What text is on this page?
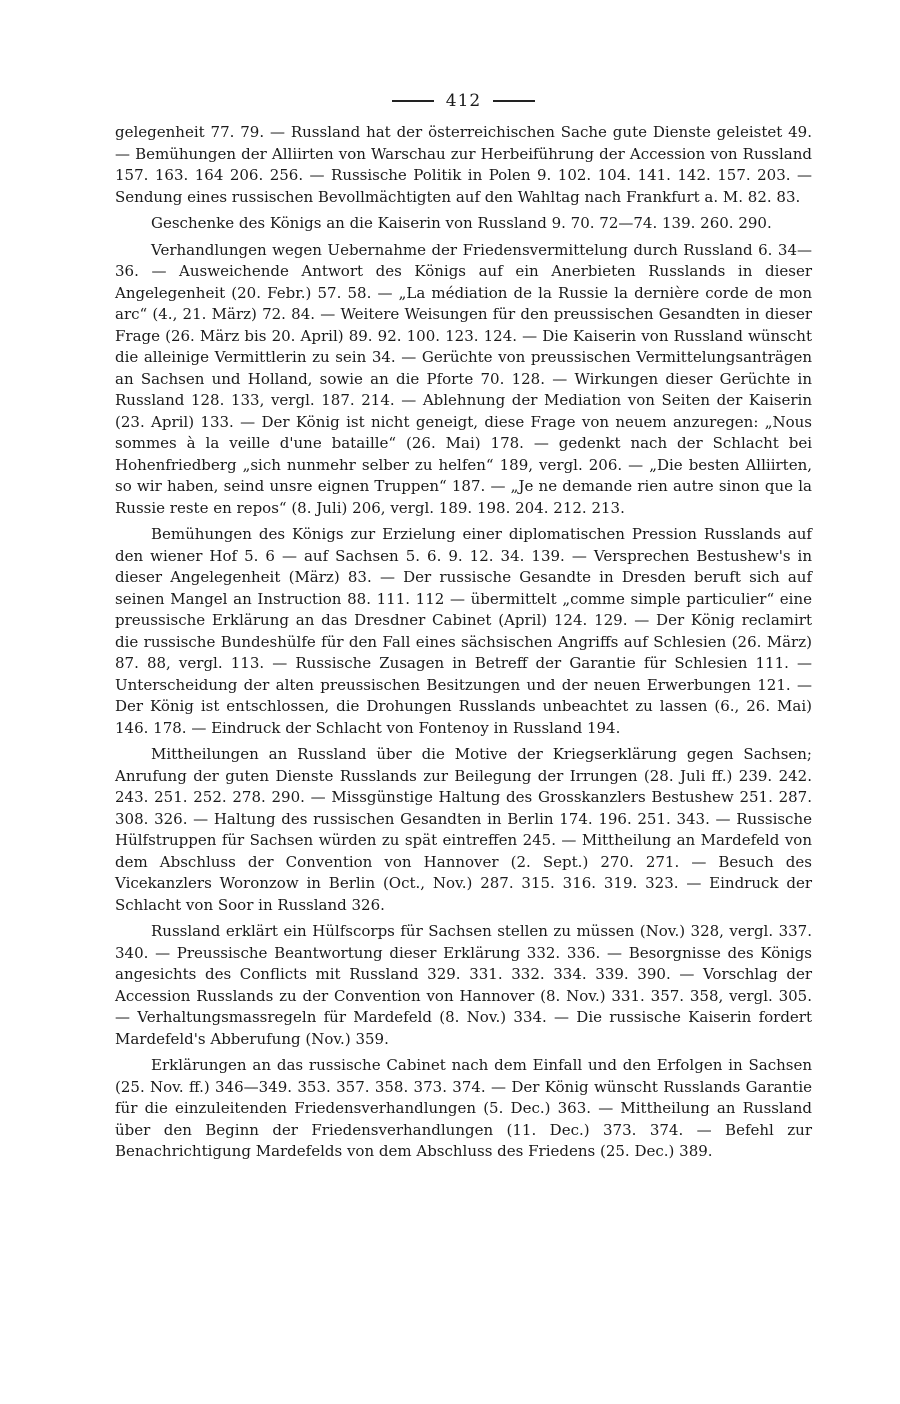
412

gelegenheit 77. 79. — Russland hat der österreichischen Sache gute Dienste geleistet 49. — Bemühungen der Alliirten von Warschau zur Herbeiführung der Accession von Russland 157. 163. 164 206. 256. — Russische Politik in Polen 9. 102. 104. 141. 142. 157. 203. — Sendung eines russischen Bevollmächtigten auf den Wahltag nach Frankfurt a. M. 82. 83.

Geschenke des Königs an die Kaiserin von Russland 9. 70. 72—74. 139. 260. 290.

Verhandlungen wegen Uebernahme der Friedensvermittelung durch Russland 6. 34—36. — Ausweichende Antwort des Königs auf ein Anerbieten Russlands in dieser Angelegenheit (20. Febr.) 57. 58. — „La médiation de la Russie la dernière corde de mon arc“ (4., 21. März) 72. 84. — Weitere Weisungen für den preussischen Gesandten in dieser Frage (26. März bis 20. April) 89. 92. 100. 123. 124. — Die Kaiserin von Russland wünscht die alleinige Vermittlerin zu sein 34. — Gerüchte von preussischen Vermittelungsanträgen an Sachsen und Holland, sowie an die Pforte 70. 128. — Wirkungen dieser Gerüchte in Russland 128. 133, vergl. 187. 214. — Ablehnung der Mediation von Seiten der Kaiserin (23. April) 133. — Der König ist nicht geneigt, diese Frage von neuem anzuregen: „Nous sommes à la veille d'une bataille“ (26. Mai) 178. — gedenkt nach der Schlacht bei Hohenfriedberg „sich nunmehr selber zu helfen“ 189, vergl. 206. — „Die besten Alliirten, so wir haben, seind unsre eignen Truppen“ 187. — „Je ne demande rien autre sinon que la Russie reste en repos“ (8. Juli) 206, vergl. 189. 198. 204. 212. 213.

Bemühungen des Königs zur Erzielung einer diplomatischen Pression Russlands auf den wiener Hof 5. 6 — auf Sachsen 5. 6. 9. 12. 34. 139. — Versprechen Bestushew's in dieser Angelegenheit (März) 83. — Der russische Gesandte in Dresden beruft sich auf seinen Mangel an Instruction 88. 111. 112 — übermittelt „comme simple particulier“ eine preussische Erklärung an das Dresdner Cabinet (April) 124. 129. — Der König reclamirt die russische Bundeshülfe für den Fall eines sächsischen Angriffs auf Schlesien (26. März) 87. 88, vergl. 113. — Russische Zusagen in Betreff der Garantie für Schlesien 111. — Unterscheidung der alten preussischen Besitzungen und der neuen Erwerbungen 121. — Der König ist entschlossen, die Drohungen Russlands unbeachtet zu lassen (6., 26. Mai) 146. 178. — Eindruck der Schlacht von Fontenoy in Russland 194.

Mittheilungen an Russland über die Motive der Kriegserklärung gegen Sachsen; Anrufung der guten Dienste Russlands zur Beilegung der Irrungen (28. Juli ff.) 239. 242. 243. 251. 252. 278. 290. — Missgünstige Haltung des Grosskanzlers Bestushew 251. 287. 308. 326. — Haltung des russischen Gesandten in Berlin 174. 196. 251. 343. — Russische Hülfstruppen für Sachsen würden zu spät eintreffen 245. — Mittheilung an Mardefeld von dem Abschluss der Convention von Hannover (2. Sept.) 270. 271. — Besuch des Vicekanzlers Woronzow in Berlin (Oct., Nov.) 287. 315. 316. 319. 323. — Eindruck der Schlacht von Soor in Russland 326.

Russland erklärt ein Hülfscorps für Sachsen stellen zu müssen (Nov.) 328, vergl. 337. 340. — Preussische Beantwortung dieser Erklärung 332. 336. — Besorgnisse des Königs angesichts des Conflicts mit Russland 329. 331. 332. 334. 339. 390. — Vorschlag der Accession Russlands zu der Convention von Hannover (8. Nov.) 331. 357. 358, vergl. 305. — Verhaltungsmassregeln für Mardefeld (8. Nov.) 334. — Die russische Kaiserin fordert Mardefeld's Abberufung (Nov.) 359.

Erklärungen an das russische Cabinet nach dem Einfall und den Erfolgen in Sachsen (25. Nov. ff.) 346—349. 353. 357. 358. 373. 374. — Der König wünscht Russlands Garantie für die einzuleitenden Friedensverhandlungen (5. Dec.) 363. — Mittheilung an Russland über den Beginn der Friedensverhandlungen (11. Dec.) 373. 374. — Befehl zur Benachrichtigung Mardefelds von dem Abschluss des Friedens (25. Dec.) 389.
